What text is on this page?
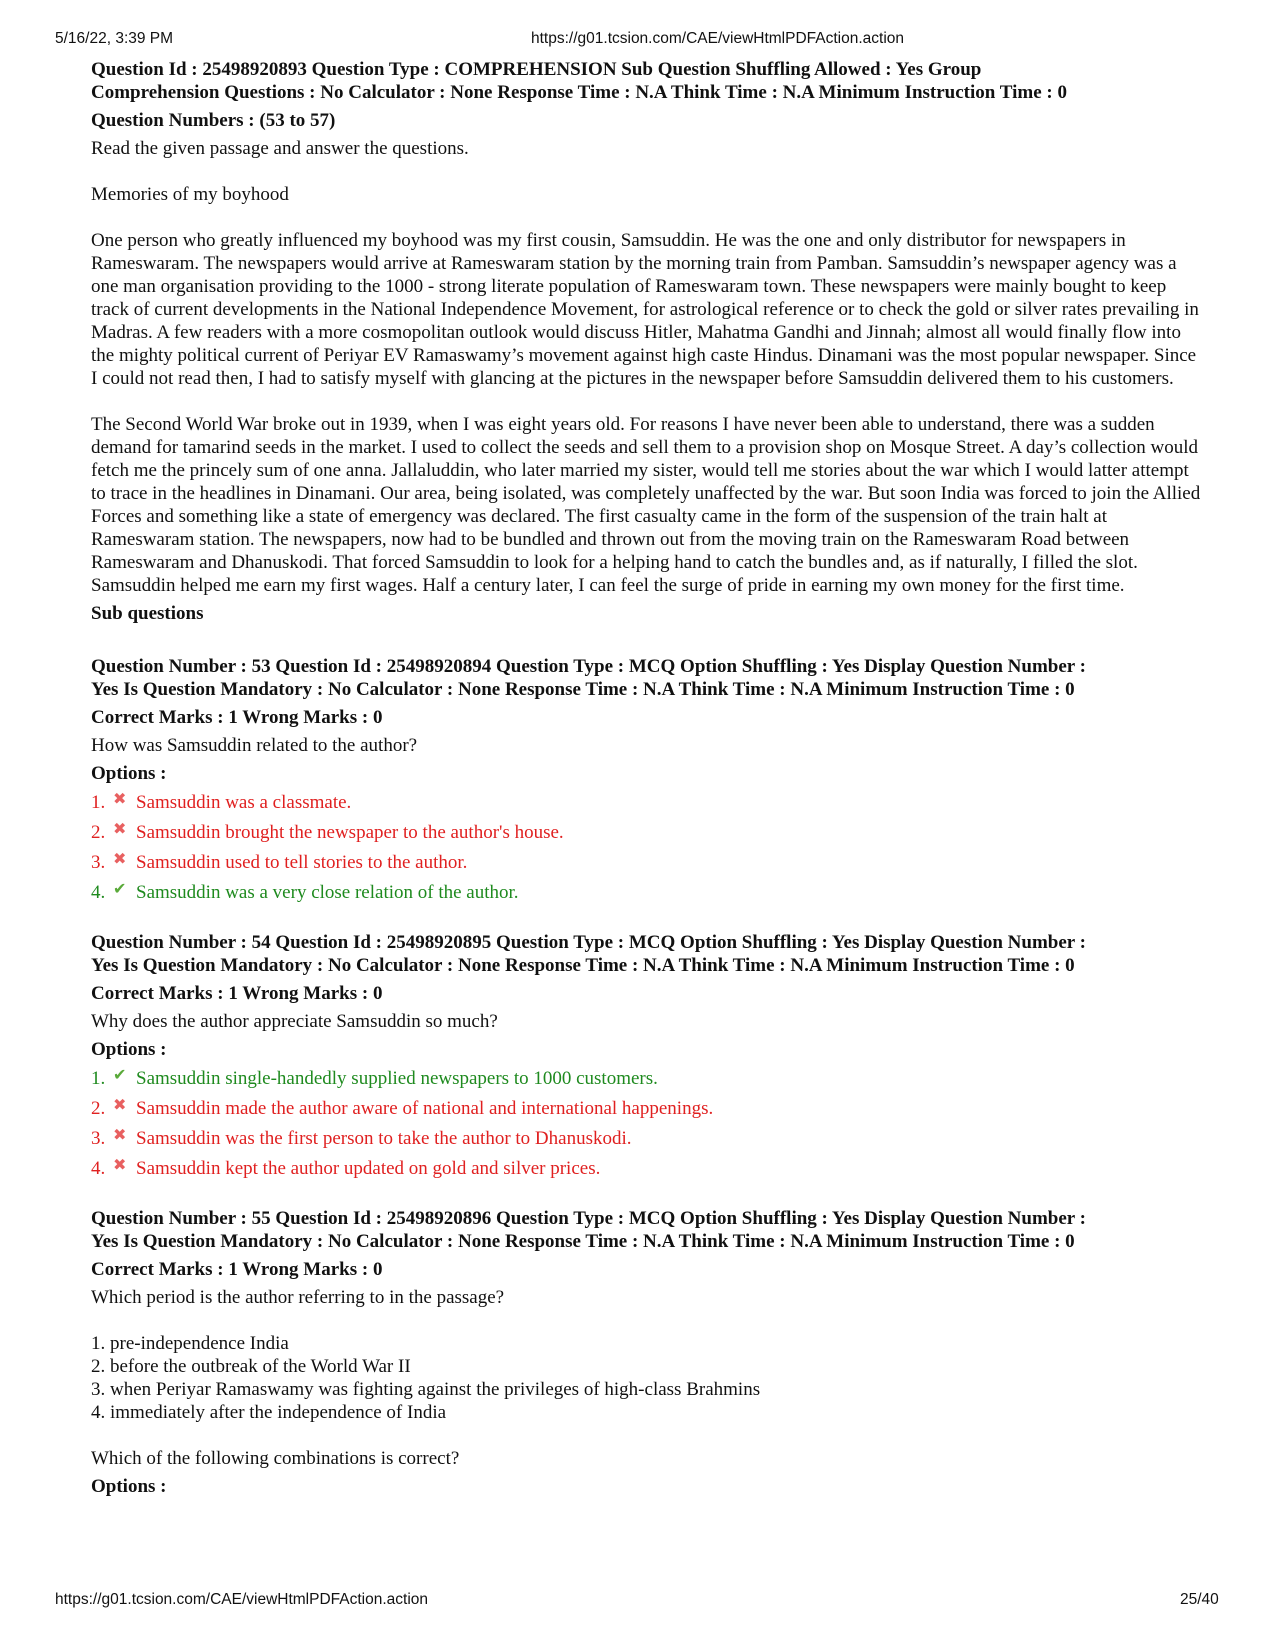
5/16/22, 3:39 PM	https://g01.tcsion.com/CAE/viewHtmlPDFAction.action

Question Id : 25498920893 Question Type : COMPREHENSION Sub Question Shuffling Allowed : Yes Group

Comprehension Questions : No Calculator : None Response Time : N.A Think Time : N.A Minimum Instruction Time : 0

Question Numbers : (53 to 57)

Read the given passage and answer the questions.

Memories of my boyhood

One person who greatly influenced my boyhood was my first cousin, Samsuddin. He was the one and only distributor for newspapers in Rameswaram. The newspapers would arrive at Rameswaram station by the morning train from Pamban. Samsuddin’s newspaper agency was a one man organisation providing to the 1000 - strong literate population of Rameswaram town. These newspapers were mainly bought to keep track of current developments in the National Independence Movement, for astrological reference or to check the gold or silver rates prevailing in Madras. A few readers with a more cosmopolitan outlook would discuss Hitler, Mahatma Gandhi and Jinnah; almost all would finally flow into the mighty political current of Periyar EV Ramaswamy’s movement against high caste Hindus. Dinamani was the most popular newspaper. Since I could not read then, I had to satisfy myself with glancing at the pictures in the newspaper before Samsuddin delivered them to his customers.

The Second World War broke out in 1939, when I was eight years old. For reasons I have never been able to understand, there was a sudden demand for tamarind seeds in the market. I used to collect the seeds and sell them to a provision shop on Mosque Street. A day’s collection would fetch me the princely sum of one anna. Jallaluddin, who later married my sister, would tell me stories about the war which I would latter attempt to trace in the headlines in Dinamani. Our area, being isolated, was completely unaffected by the war. But soon India was forced to join the Allied Forces and something like a state of emergency was declared. The first casualty came in the form of the suspension of the train halt at Rameswaram station. The newspapers, now had to be bundled and thrown out from the moving train on the Rameswaram Road between Rameswaram and Dhanuskodi. That forced Samsuddin to look for a helping hand to catch the bundles and, as if naturally, I filled the slot. Samsuddin helped me earn my first wages. Half a century later, I can feel the surge of pride in earning my own money for the first time.

Sub questions

Question Number : 53 Question Id : 25498920894 Question Type : MCQ Option Shuffling : Yes Display Question Number :

Yes Is Question Mandatory : No Calculator : None Response Time : N.A Think Time : N.A Minimum Instruction Time : 0

Correct Marks : 1 Wrong Marks : 0

How was Samsuddin related to the author?

Options :

1. ✖ Samsuddin was a classmate.
2. ✖ Samsuddin brought the newspaper to the author's house.
3. ✖ Samsuddin used to tell stories to the author.
4. ✔ Samsuddin was a very close relation of the author.

Question Number : 54 Question Id : 25498920895 Question Type : MCQ Option Shuffling : Yes Display Question Number :

Yes Is Question Mandatory : No Calculator : None Response Time : N.A Think Time : N.A Minimum Instruction Time : 0

Correct Marks : 1 Wrong Marks : 0

Why does the author appreciate Samsuddin so much?

Options :

1. ✔ Samsuddin single-handedly supplied newspapers to 1000 customers.
2. ✖ Samsuddin made the author aware of national and international happenings.
3. ✖ Samsuddin was the first person to take the author to Dhanuskodi.
4. ✖ Samsuddin kept the author updated on gold and silver prices.

Question Number : 55 Question Id : 25498920896 Question Type : MCQ Option Shuffling : Yes Display Question Number :

Yes Is Question Mandatory : No Calculator : None Response Time : N.A Think Time : N.A Minimum Instruction Time : 0

Correct Marks : 1 Wrong Marks : 0

Which period is the author referring to in the passage?

1. pre-independence India

2. before the outbreak of the World War II

3. when Periyar Ramaswamy was fighting against the privileges of high-class Brahmins

4. immediately after the independence of India

Which of the following combinations is correct?

Options :

https://g01.tcsion.com/CAE/viewHtmlPDFAction.action	25/40
